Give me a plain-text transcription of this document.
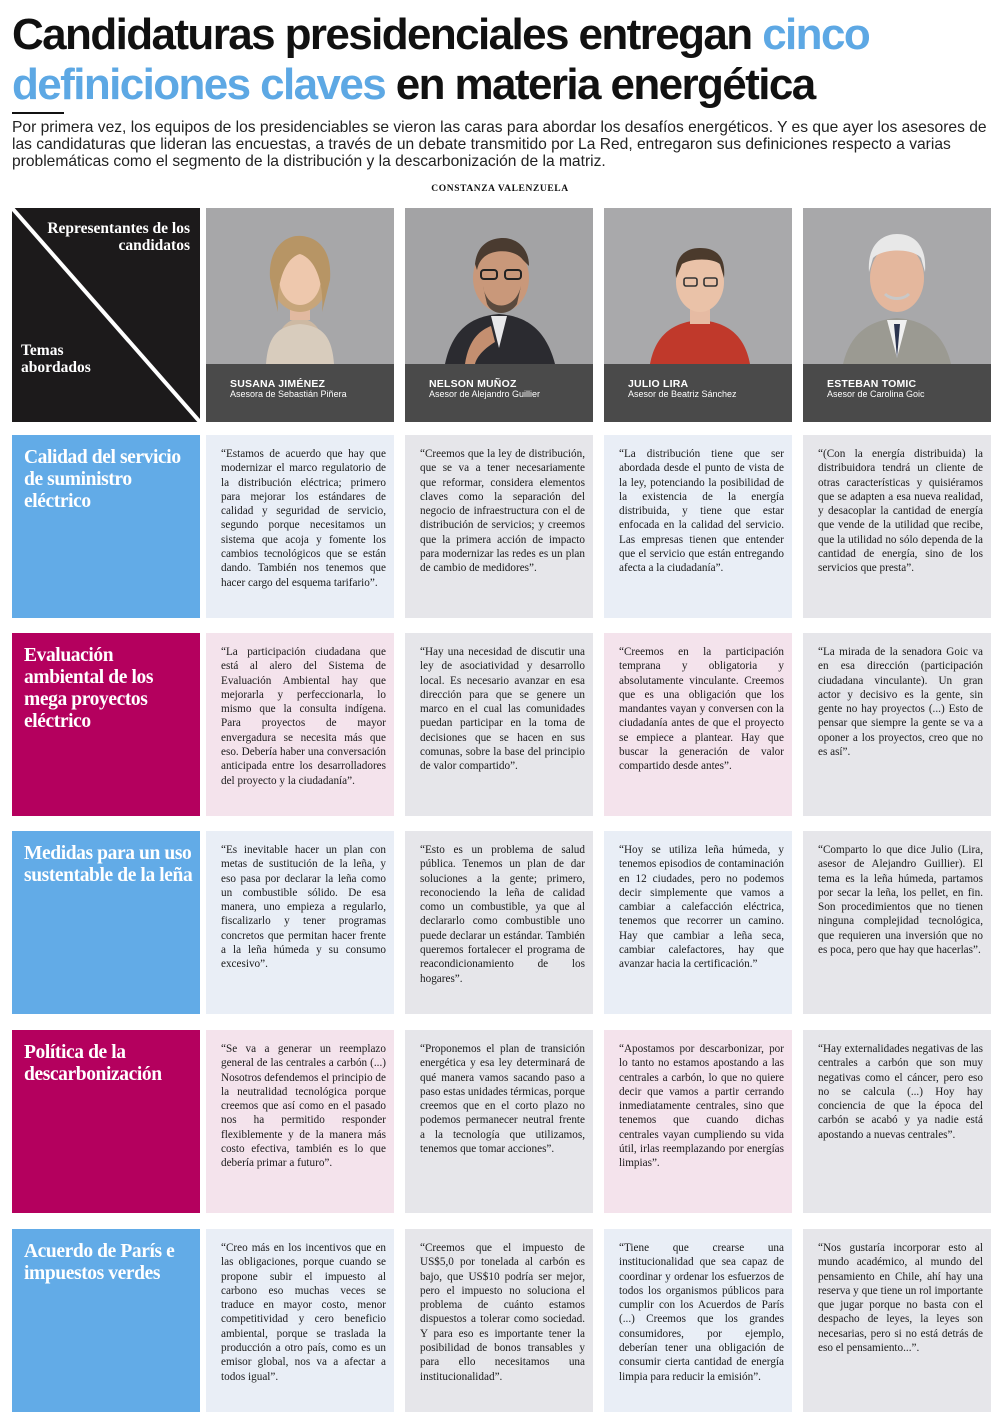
Candidaturas presidenciales entregan cinco definiciones claves en materia energética
Por primera vez, los equipos de los presidenciables se vieron las caras para abordar los desafíos energéticos. Y es que ayer los asesores de las candidaturas que lideran las encuestas, a través de un debate transmitido por La Red, entregaron sus definiciones respecto a varias problemáticas como el segmento de la distribución y la descarbonización de la matriz.
CONSTANZA VALENZUELA
Representantes de los candidatos
Temas abordados
SUSANA JIMÉNEZ
Asesora de Sebastián Piñera
NELSON MUÑOZ
Asesor de Alejandro Guillier
JULIO LIRA
Asesor de Beatriz Sánchez
ESTEBAN TOMIC
Asesor de Carolina Goic
Calidad del servicio de suministro eléctrico
“Estamos de acuerdo que hay que modernizar el marco regulatorio de la distribución eléctrica; primero para mejorar los estándares de calidad y seguridad de servicio, segundo porque necesitamos un sistema que acoja y fomente los cambios tecnológicos que se están dando. También nos tenemos que hacer cargo del esquema tarifario”.
“Creemos que la ley de distribución, que se va a tener necesariamente que reformar, considera elementos claves como la separación del negocio de infraestructura con el de distribución de servicios; y creemos que la primera acción de impacto para modernizar las redes es un plan de cambio de medidores”.
“La distribución tiene que ser abordada desde el punto de vista de la ley, potenciando la posibilidad de la existencia de la energía distribuida, y tiene que estar enfocada en la calidad del servicio. Las empresas tienen que entender que el servicio que están entregando afecta a la ciudadanía”.
“(Con la energía distribuida) la distribuidora tendrá un cliente de otras características y quisiéramos que se adapten a esa nueva realidad, y desacoplar la cantidad de energía que vende de la utilidad que recibe, que la utilidad no sólo dependa de la cantidad de energía, sino de los servicios que presta”.
Evaluación ambiental de los mega proyectos eléctrico
“La participación ciudadana que está al alero del Sistema de Evaluación Ambiental hay que mejorarla y perfeccionarla, lo mismo que la consulta indígena. Para proyectos de mayor envergadura se necesita más que eso. Debería haber una conversación anticipada entre los desarrolladores del proyecto y la ciudadanía”.
“Hay una necesidad de discutir una ley de asociatividad y desarrollo local. Es necesario avanzar en esa dirección para que se genere un marco en el cual las comunidades puedan participar en la toma de decisiones que se hacen en sus comunas, sobre la base del principio de valor compartido”.
“Creemos en la participación temprana y obligatoria y absolutamente vinculante. Creemos que es una obligación que los mandantes vayan y conversen con la ciudadanía antes de que el proyecto se empiece a plantear. Hay que buscar la generación de valor compartido desde antes”.
“La mirada de la senadora Goic va en esa dirección (participación ciudadana vinculante). Un gran actor y decisivo es la gente, sin gente no hay proyectos (...) Esto de pensar que siempre la gente se va a oponer a los proyectos, creo que no es así”.
Medidas para un uso sustentable de la leña
“Es inevitable hacer un plan con metas de sustitución de la leña, y eso pasa por declarar la leña como un combustible sólido. De esa manera, uno empieza a regularlo, fiscalizarlo y tener programas concretos que permitan hacer frente a la leña húmeda y su consumo excesivo”.
“Esto es un problema de salud pública. Tenemos un plan de dar soluciones a la gente; primero, reconociendo la leña de calidad como un combustible, ya que al declararlo como combustible uno puede declarar un estándar. También queremos fortalecer el programa de reacondicionamiento de los hogares”.
“Hoy se utiliza leña húmeda, y tenemos episodios de contaminación en 12 ciudades, pero no podemos decir simplemente que vamos a cambiar a calefacción eléctrica, tenemos que recorrer un camino. Hay que cambiar a leña seca, cambiar calefactores, hay que avanzar hacia la certificación.”
“Comparto lo que dice Julio (Lira, asesor de Alejandro Guillier). El tema es la leña húmeda, partamos por secar la leña, los pellet, en fin. Son procedimientos que no tienen ninguna complejidad tecnológica, que requieren una inversión que no es poca, pero que hay que hacerlas”.
Política de la descarbonización
“Se va a generar un reemplazo general de las centrales a carbón (...) Nosotros defendemos el principio de la neutralidad tecnológica porque creemos que así como en el pasado nos ha permitido responder flexiblemente y de la manera más costo efectiva, también es lo que debería primar a futuro”.
“Proponemos el plan de transición energética y esa ley determinará de qué manera vamos sacando paso a paso estas unidades térmicas, porque creemos que en el corto plazo no podemos permanecer neutral frente a la tecnología que utilizamos, tenemos que tomar acciones”.
“Apostamos por descarbonizar, por lo tanto no estamos apostando a las centrales a carbón, lo que no quiere decir que vamos a partir cerrando inmediatamente centrales, sino que tenemos que cuando dichas centrales vayan cumpliendo su vida útil, irlas reemplazando por energías limpias”.
“Hay externalidades negativas de las centrales a carbón que son muy negativas como el cáncer, pero eso no se calcula (...) Hoy hay conciencia de que la época del carbón se acabó y ya nadie está apostando a nuevas centrales”.
Acuerdo de París e impuestos verdes
“Creo más en los incentivos que en las obligaciones, porque cuando se propone subir el impuesto al carbono eso muchas veces se traduce en mayor costo, menor competitividad y cero beneficio ambiental, porque se traslada la producción a otro país, como es un emisor global, nos va a afectar a todos igual”.
“Creemos que el impuesto de US$5,0 por tonelada al carbón es bajo, que US$10 podría ser mejor, pero el impuesto no soluciona el problema de cuánto estamos dispuestos a tolerar como sociedad. Y para eso es importante tener la posibilidad de bonos transables y para ello necesitamos una institucionalidad”.
“Tiene que crearse una institucionalidad que sea capaz de coordinar y ordenar los esfuerzos de todos los organismos públicos para cumplir con los Acuerdos de París (...) Creemos que los grandes consumidores, por ejemplo, deberían tener una obligación de consumir cierta cantidad de energía limpia para reducir la emisión”.
“Nos gustaría incorporar esto al mundo académico, al mundo del pensamiento en Chile, ahí hay una reserva y que tiene un rol importante que jugar porque no basta con el despacho de leyes, la leyes son necesarias, pero si no está detrás de eso el pensamiento...”.
